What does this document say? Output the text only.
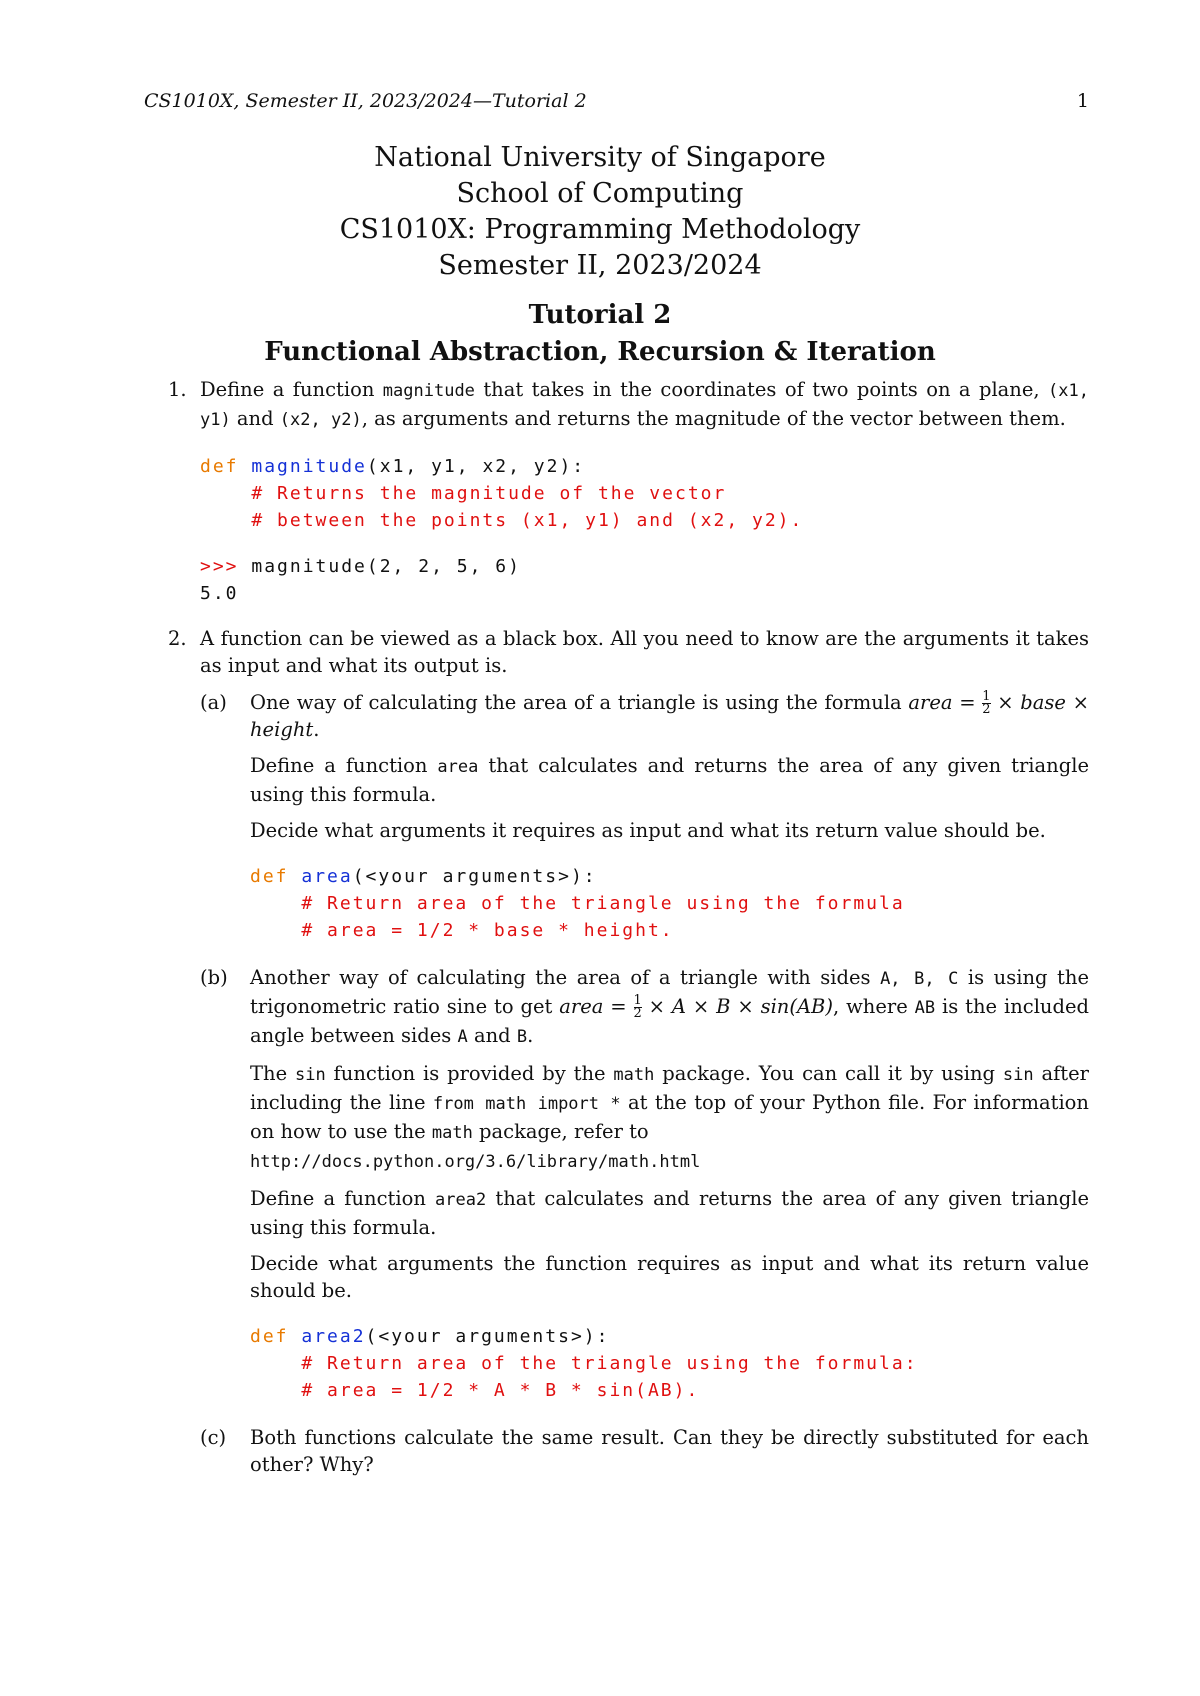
CS1010X, Semester II, 2023/2024—Tutorial 2	1
National University of Singapore
School of Computing
CS1010X: Programming Methodology
Semester II, 2023/2024
Tutorial 2
Functional Abstraction, Recursion & Iteration
1. Define a function magnitude that takes in the coordinates of two points on a plane, (x1, y1) and (x2, y2), as arguments and returns the magnitude of the vector between them.

def magnitude(x1, y1, x2, y2):
# Returns the magnitude of the vector
# between the points (x1, y1) and (x2, y2).

>>> magnitude(2, 2, 5, 6)
5.0
2. A function can be viewed as a black box. All you need to know are the arguments it takes as input and what its output is.

(a) One way of calculating the area of a triangle is using the formula area = $\frac{1}{2}$ × base × height.

Define a function area that calculates and returns the area of any given triangle using this formula.

Decide what arguments it requires as input and what its return value should be.

def area(<your arguments>):
# Return area of the triangle using the formula
# area = 1/2 * base * height.
(b) Another way of calculating the area of a triangle with sides A, B, C is using the trigonometric ratio sine to get area = $\frac{1}{2} \times A \times B \times \sin(AB)$, where AB is the included angle between sides A and B.

The sin function is provided by the math package. You can call it by using sin after including the line from math import * at the top of your Python file. For information on how to use the math package, refer to
http://docs.python.org/3.6/library/math.html

Define a function area2 that calculates and returns the area of any given triangle using this formula.

Decide what arguments the function requires as input and what its return value should be.

def area2(<your arguments>):
# Return area of the triangle using the formula:
# area = 1/2 * A * B * sin(AB).
(c) Both functions calculate the same result. Can they be directly substituted for each other? Why?
